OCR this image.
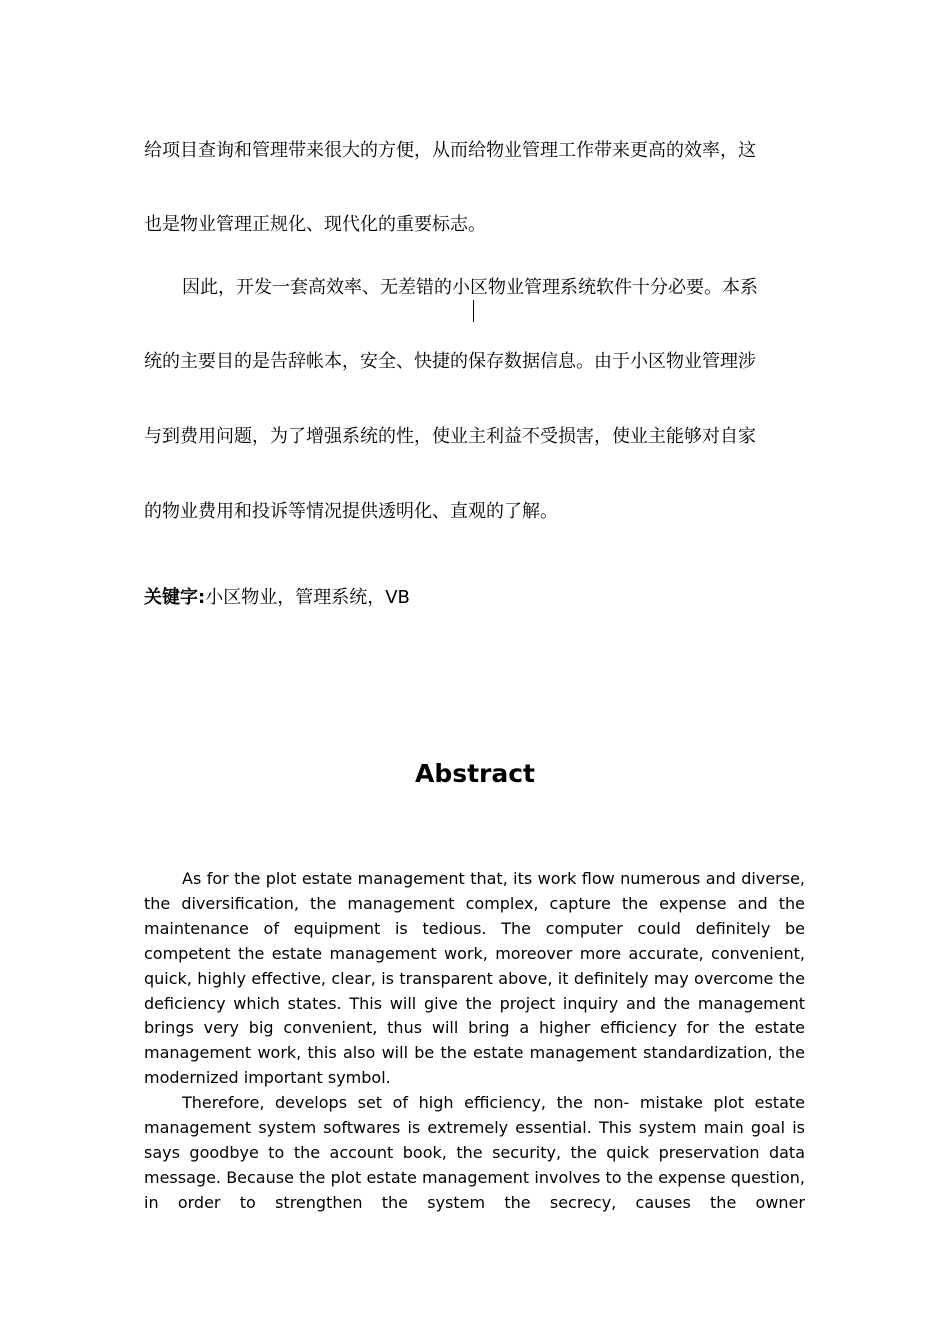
给项目查询和管理带来很大的方便，从而给物业管理工作带来更高的效率，这
也是物业管理正规化、现代化的重要标志。
因此，开发一套高效率、无差错的小区物业管理系统软件十分必要。本系
统的主要目的是告辞帐本，安全、快捷的保存数据信息。由于小区物业管理涉
与到费用问题，为了增强系统的性，使业主利益不受损害，使业主能够对自家
的物业费用和投诉等情况提供透明化、直观的了解。
关键字:小区物业，管理系统，VB
Abstract

As for the plot estate management that, its work flow numerous and diverse, the diversification, the management complex, capture the expense and the maintenance of equipment is tedious. The computer could definitely be competent the estate management work, moreover more accurate, convenient, quick, highly effective, clear, is transparent above, it definitely may overcome the deficiency which states. This will give the project inquiry and the management brings very big convenient, thus will bring a higher efficiency for the estate management work, this also will be the estate management standardization, the modernized important symbol.

Therefore, develops set of high efficiency, the non- mistake plot estate management system softwares is extremely essential. This system main goal is says goodbye to the account book, the security, the quick preservation data message. Because the plot estate management involves to the expense question, in order to strengthen the system the secrecy, causes the owner
